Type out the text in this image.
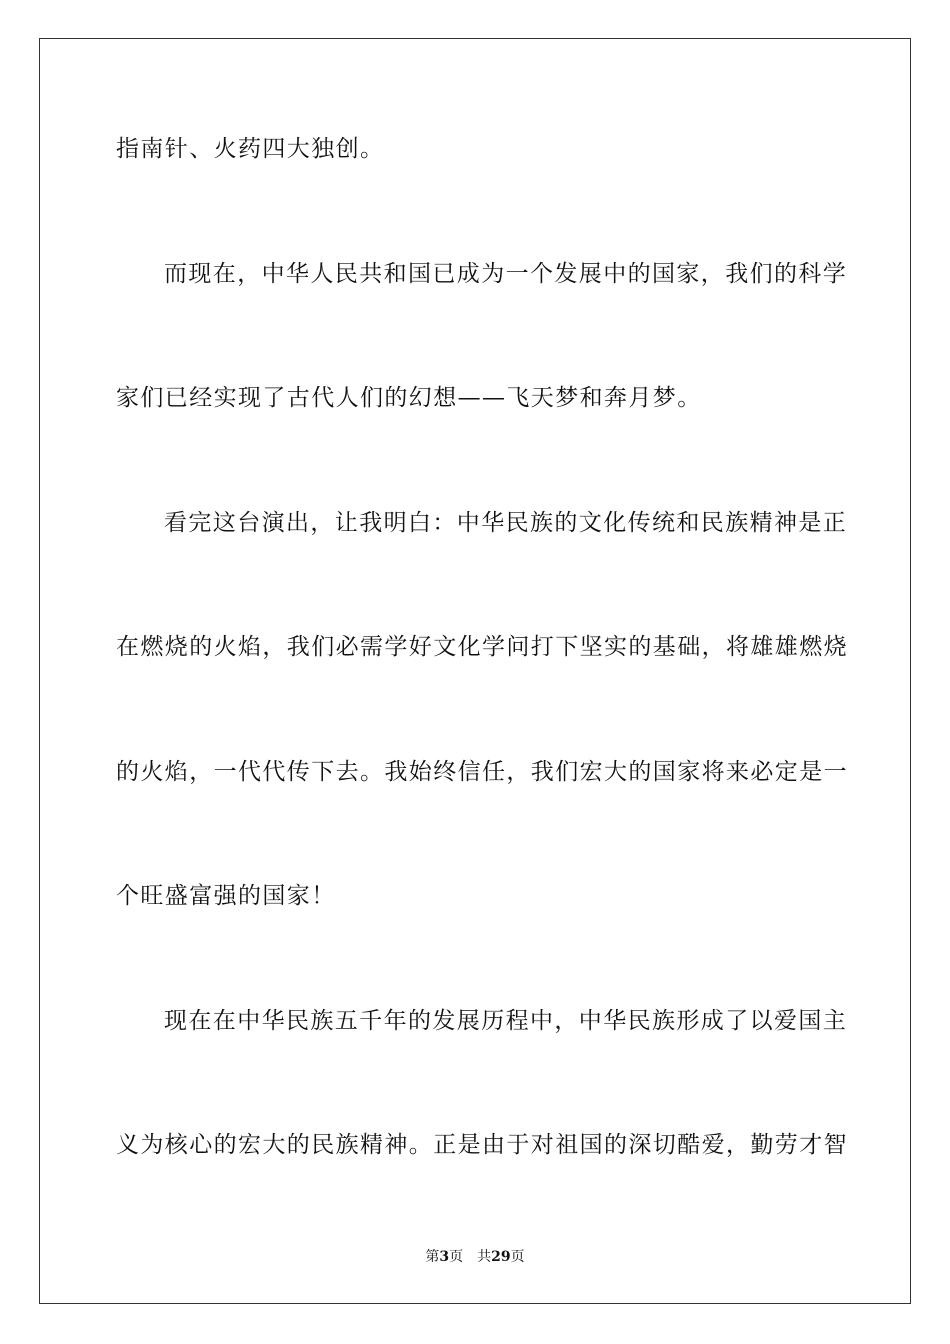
指南针、火药四大独创。
而现在，中华人民共和国已成为一个发展中的国家，我们的科学
家们已经实现了古代人们的幻想——飞天梦和奔月梦。
看完这台演出，让我明白：中华民族的文化传统和民族精神是正
在燃烧的火焰，我们必需学好文化学问打下坚实的基础，将雄雄燃烧
的火焰，一代代传下去。我始终信任，我们宏大的国家将来必定是一
个旺盛富强的国家！
现在在中华民族五千年的发展历程中，中华民族形成了以爱国主
义为核心的宏大的民族精神。正是由于对祖国的深切酷爱，勤劳才智
第3页 共29页
